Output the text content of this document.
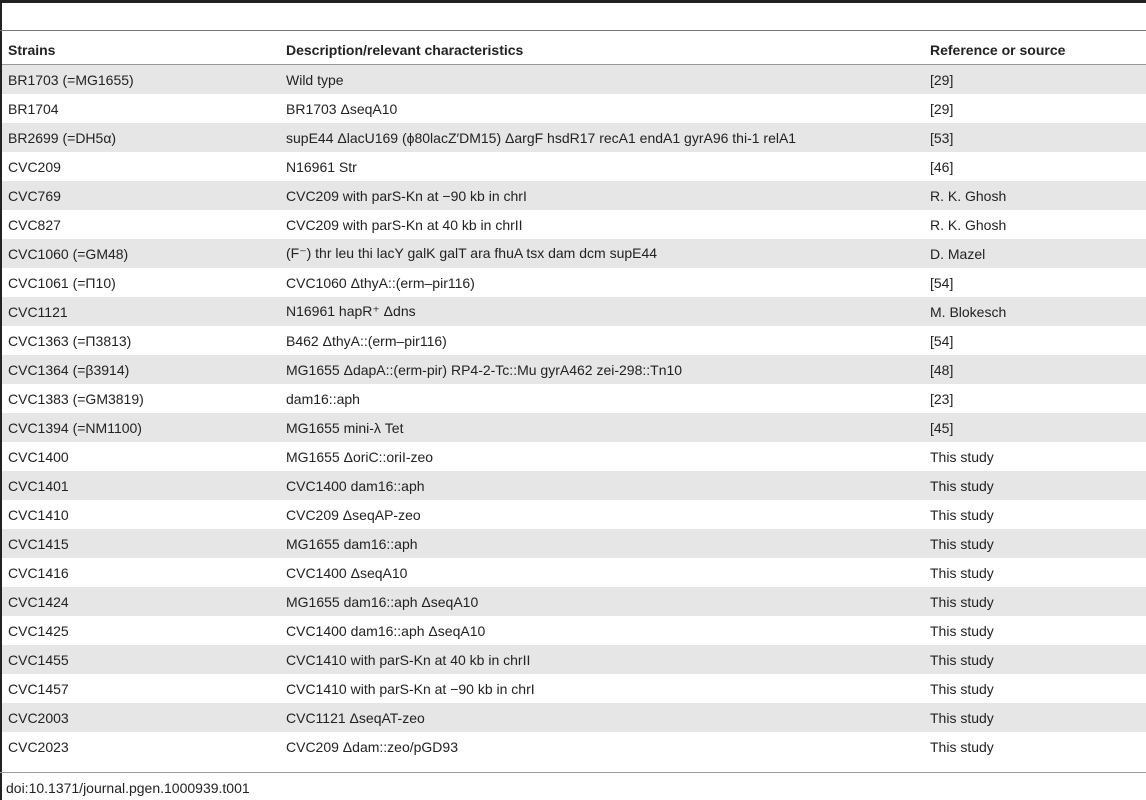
Strains	Description/relevant characteristics	Reference or source
BR1703 (=MG1655)	Wild type	[29]
BR1704	BR1703 ΔseqA10	[29]
BR2699 (=DH5α)	supE44 ΔlacU169 (ϕ80lacZ′DM15) ΔargF hsdR17 recA1 endA1 gyrA96 thi-1 relA1	[53]
CVC209	N16961 Str	[46]
CVC769	CVC209 with parS-Kn at −90 kb in chrI	R. K. Ghosh
CVC827	CVC209 with parS-Kn at 40 kb in chrII	R. K. Ghosh
CVC1060 (=GM48)	(F⁻) thr leu thi lacY galK galT ara fhuA tsx dam dcm supE44	D. Mazel
CVC1061 (=Π10)	CVC1060 ΔthyA::(erm–pir116)	[54]
CVC1121	N16961 hapR⁺ Δdns	M. Blokesch
CVC1363 (=Π3813)	B462 ΔthyA::(erm–pir116)	[54]
CVC1364 (=β3914)	MG1655 ΔdapA::(erm-pir) RP4-2-Tc::Mu gyrA462 zei-298::Tn10	[48]
CVC1383 (=GM3819)	dam16::aph	[23]
CVC1394 (=NM1100)	MG1655 mini-λ Tet	[45]
CVC1400	MG1655 ΔoriC::oriI-zeo	This study
CVC1401	CVC1400 dam16::aph	This study
CVC1410	CVC209 ΔseqAP-zeo	This study
CVC1415	MG1655 dam16::aph	This study
CVC1416	CVC1400 ΔseqA10	This study
CVC1424	MG1655 dam16::aph ΔseqA10	This study
CVC1425	CVC1400 dam16::aph ΔseqA10	This study
CVC1455	CVC1410 with parS-Kn at 40 kb in chrII	This study
CVC1457	CVC1410 with parS-Kn at −90 kb in chrI	This study
CVC2003	CVC1121 ΔseqAT-zeo	This study
CVC2023	CVC209 Δdam::zeo/pGD93	This study
doi:10.1371/journal.pgen.1000939.t001
